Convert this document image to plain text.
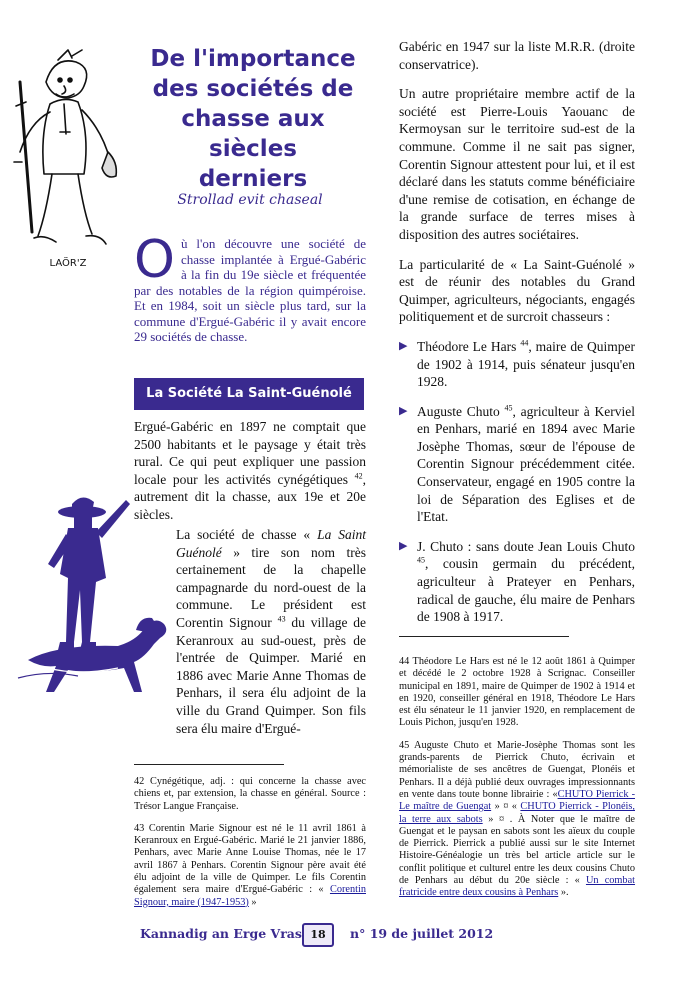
LAÖR'Z
De l'importance
des sociétés de
chasse aux siècles
derniers
Strollad evit chaseal
Où l'on découvre une société de chasse implantée à Ergué-Gabéric à la fin du 19e siècle et fréquentée par des notables de la région quimpéroise. Et en 1984, soit un siècle plus tard, sur la commune d'Ergué-Gabéric il y avait encore 29 sociétés de chasse.
La Société La Saint-Guénolé

Ergué-Gabéric en 1897 ne comptait que 2500 habitants et le paysage y était très rural. Ce qui peut expliquer une passion locale pour les activités cynégétiques $^{42}$, autrement dit la chasse, aux 19e et 20e siècles.

La société de chasse « La Saint Guénolé » tire son nom très certainement de la chapelle campagnarde du nord-ouest de la commune. Le président est Corentin Signour $^{43}$ du village de Keranroux au sud-ouest, près de l'entrée de Quimper. Marié en 1886 avec Marie Anne Thomas de Penhars, il sera élu adjoint de la ville du Grand Quimper. Son fils sera élu maire d'Ergué-

Gabéric en 1947 sur la liste M.R.R. (droite conservatrice).

Un autre propriétaire membre actif de la société est Pierre-Louis Yaouanc de Kermoysan sur le territoire sud-est de la commune. Comme il ne sait pas signer, Corentin Signour attestent pour lui, et il est déclaré dans les statuts comme bénéficiaire d'une remise de cotisation, en échange de la grande surface de terres mises à disposition des autres sociétaires.

La particularité de « La Saint-Guénolé » est de réunir des notables du Grand Quimper, agriculteurs, négociants, engagés politiquement et de surcroit chasseurs :

▶ Théodore Le Hars $^{44}$, maire de Quimper de 1902 à 1914, puis sénateur jusqu'en 1928.
▶ Auguste Chuto $^{45}$, agriculteur à Kerviel en Penhars, marié en 1894 avec Marie Josèphe Thomas, sœur de l'épouse de Corentin Signour précédemment citée. Conservateur, engagé en 1905 contre la loi de Séparation des Eglises et de l'Etat.
▶ J. Chuto : sans doute Jean Louis Chuto $^{45}$, cousin germain du précédent, agriculteur à Prateyer en Penhars, radical de gauche, élu maire de Penhars de 1908 à 1917.

42 Cynégétique, adj. : qui concerne la chasse avec chiens et, par extension, la chasse en général. Source : Trésor Langue Française.

43 Corentin Marie Signour est né le 11 avril 1861 à Keranroux en Ergué-Gabéric. Marié le 21 janvier 1886, Penhars, avec Marie Anne Louise Thomas, née le 17 avril 1867 à Penhars. Corentin Signour père avait été élu adjoint de la ville de Quimper. Le fils Corentin également sera maire d'Ergué-Gabéric : « Corentin Signour, maire (1947-1953) »

44 Théodore Le Hars est né le 12 août 1861 à Quimper et décédé le 2 octobre 1928 à Scrignac. Conseiller municipal en 1891, maire de Quimper de 1902 à 1914 et en 1920, conseiller général en 1918, Théodore Le Hars est élu sénateur le 11 janvier 1920, en remplacement de Louis Pichon, jusqu'en 1928.

45 Auguste Chuto et Marie-Josèphe Thomas sont les grands-parents de Pierrick Chuto, écrivain et mémorialiste de ses ancêtres de Guengat, Plonéis et Penhars. Il a déjà publié deux ouvrages impressionnants en vente dans toute bonne librairie : «CHUTO Pierrick - Le maître de Guengat » ¤ « CHUTO Pierrick - Plonéis, la terre aux sabots » ¤ . À Noter que le maître de Guengat et le paysan en sabots sont les aïeux du couple de Pierrick. Pierrick a publié aussi sur le site Internet Histoire-Généalogie un très bel article article sur le conflit politique et culturel entre les deux cousins Chuto de Penhars au début du 20e siècle : « Un combat fratricide entre deux cousins à Penhars ».

Kannadig an Erge Vras 18	n° 19 de juillet 2012
